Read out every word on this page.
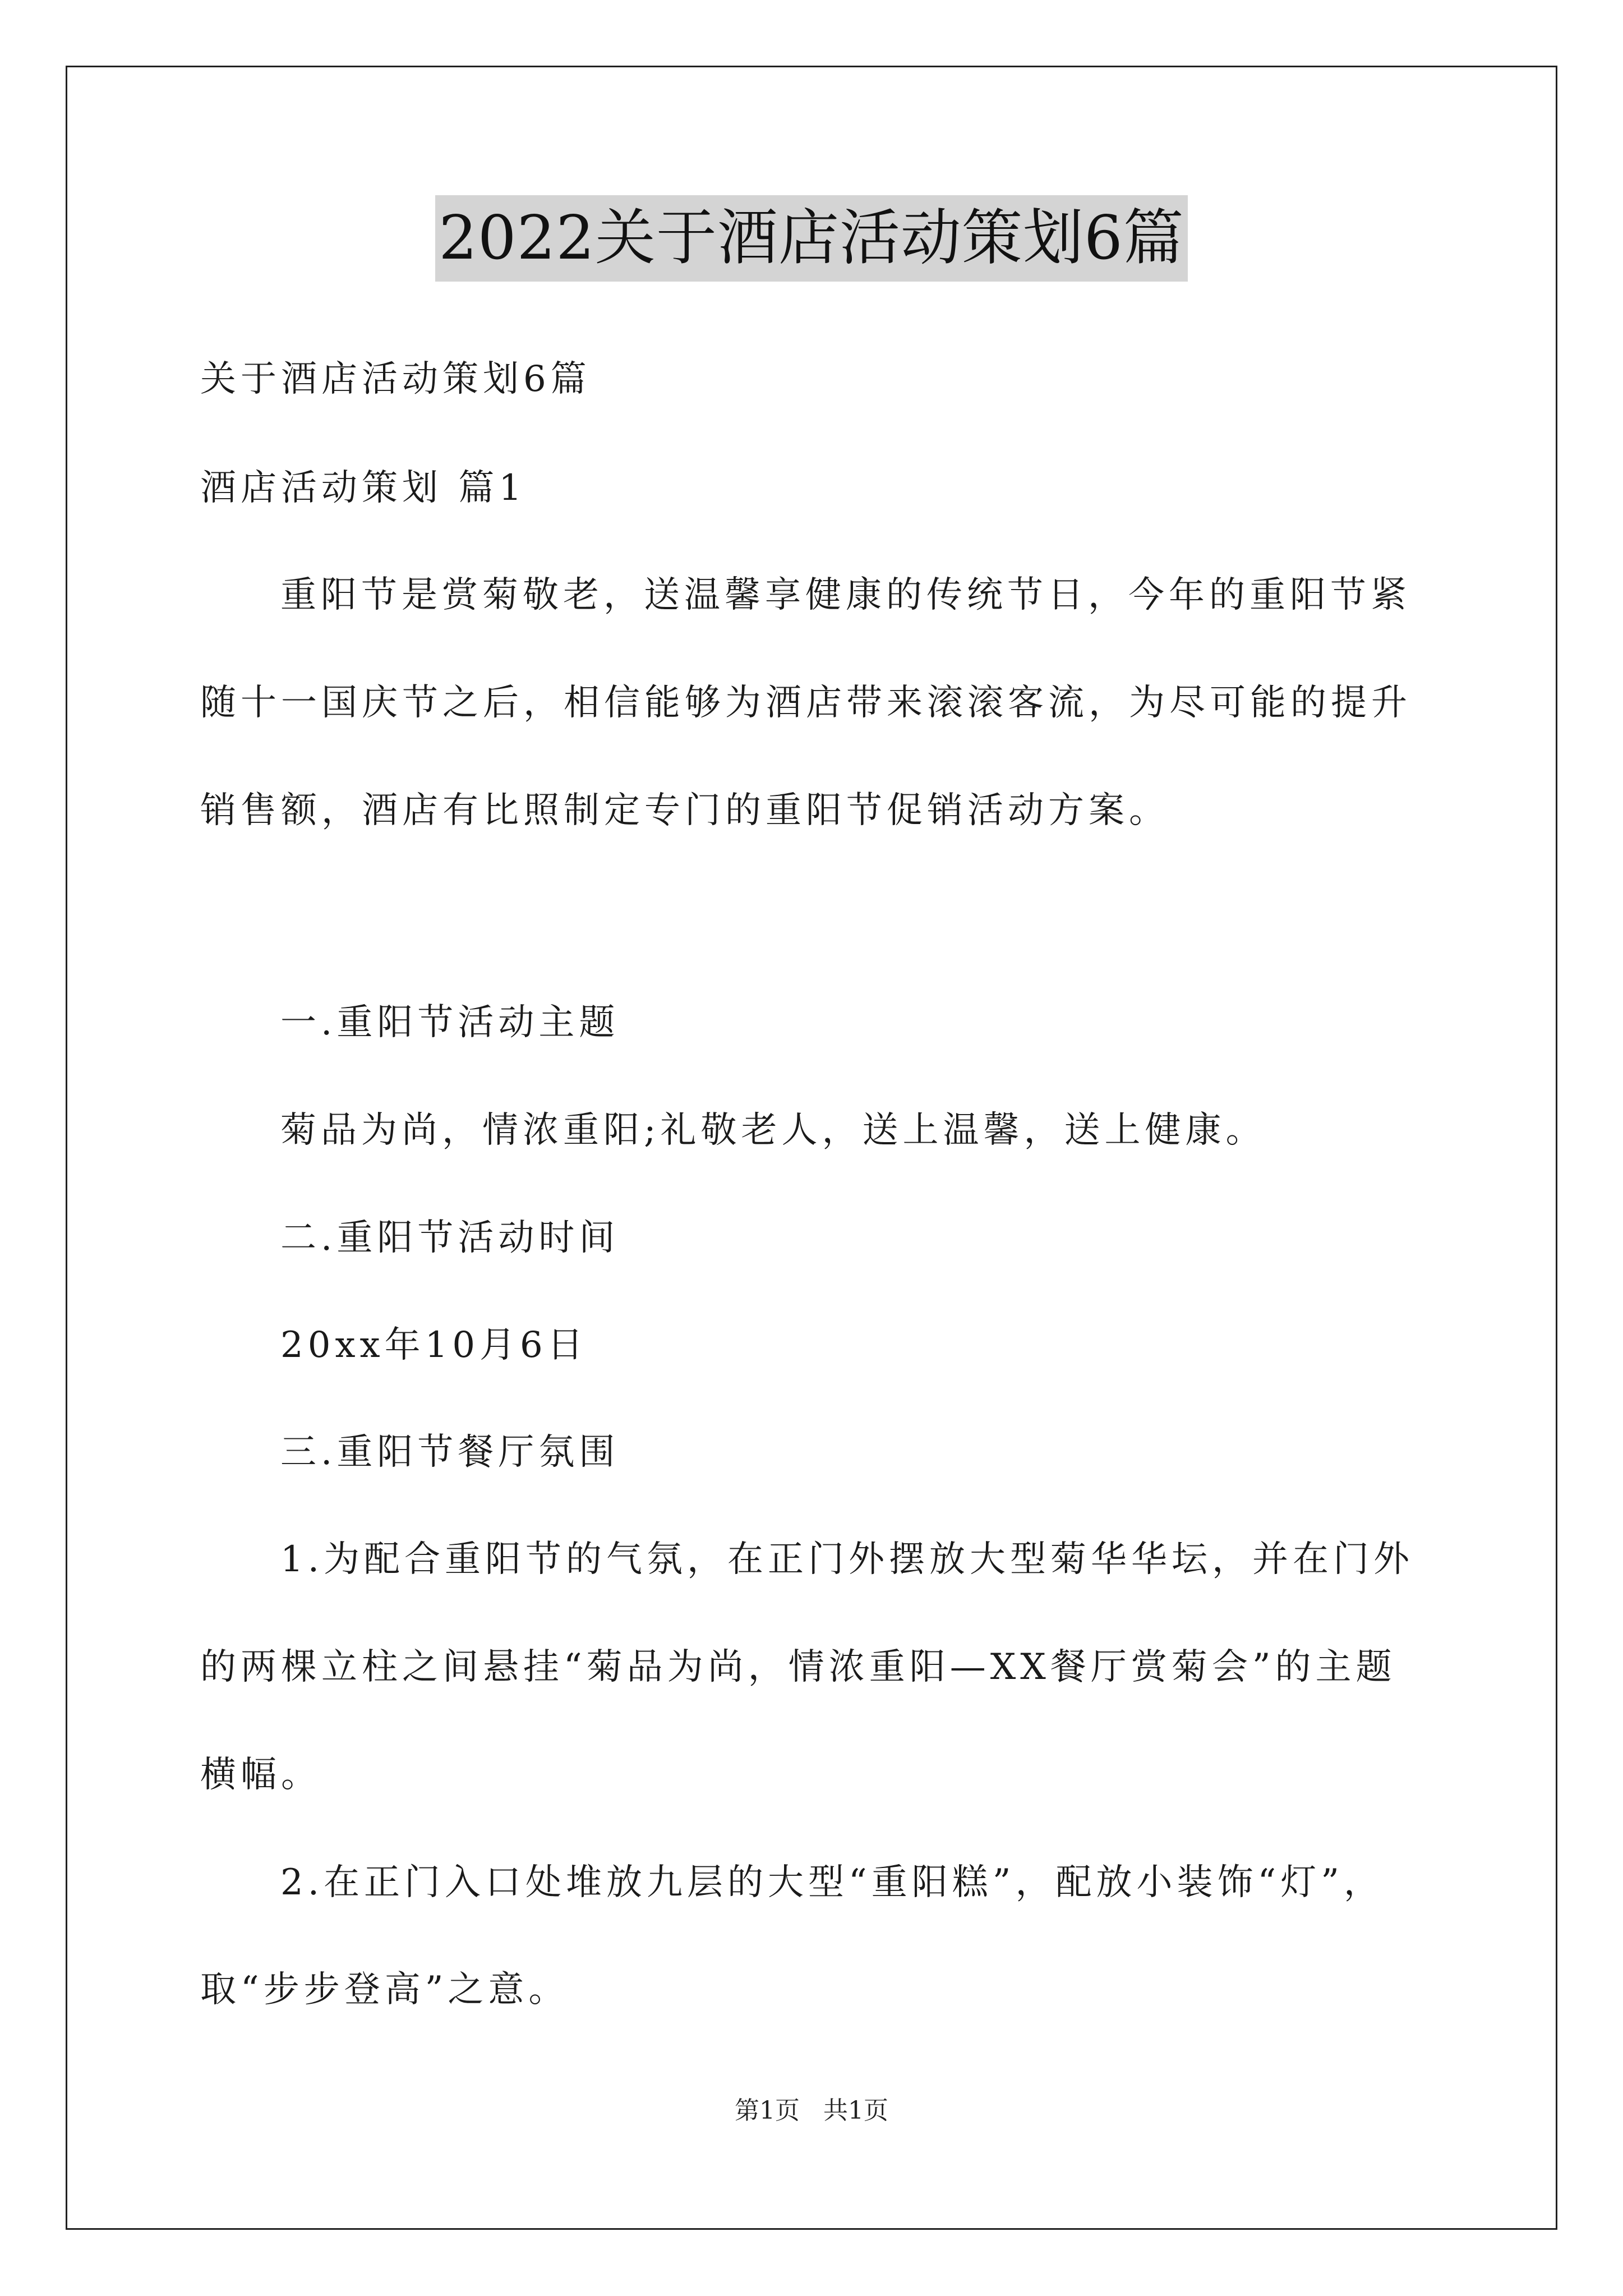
2022关于酒店活动策划6篇
关于酒店活动策划6篇
酒店活动策划 篇1
重阳节是赏菊敬老，送温馨享健康的传统节日，今年的重阳节紧
随十一国庆节之后，相信能够为酒店带来滚滚客流，为尽可能的提升
销售额，酒店有比照制定专门的重阳节促销活动方案。
一.重阳节活动主题
菊品为尚，情浓重阳;礼敬老人，送上温馨，送上健康。
二.重阳节活动时间
20xx年10月6日
三.重阳节餐厅氛围
1.为配合重阳节的气氛，在正门外摆放大型菊华华坛，并在门外
的两棵立柱之间悬挂“菊品为尚，情浓重阳—XX餐厅赏菊会”的主题
横幅。
2.在正门入口处堆放九层的大型“重阳糕”，配放小装饰“灯”，
取“步步登高”之意。
第1页 共1页
